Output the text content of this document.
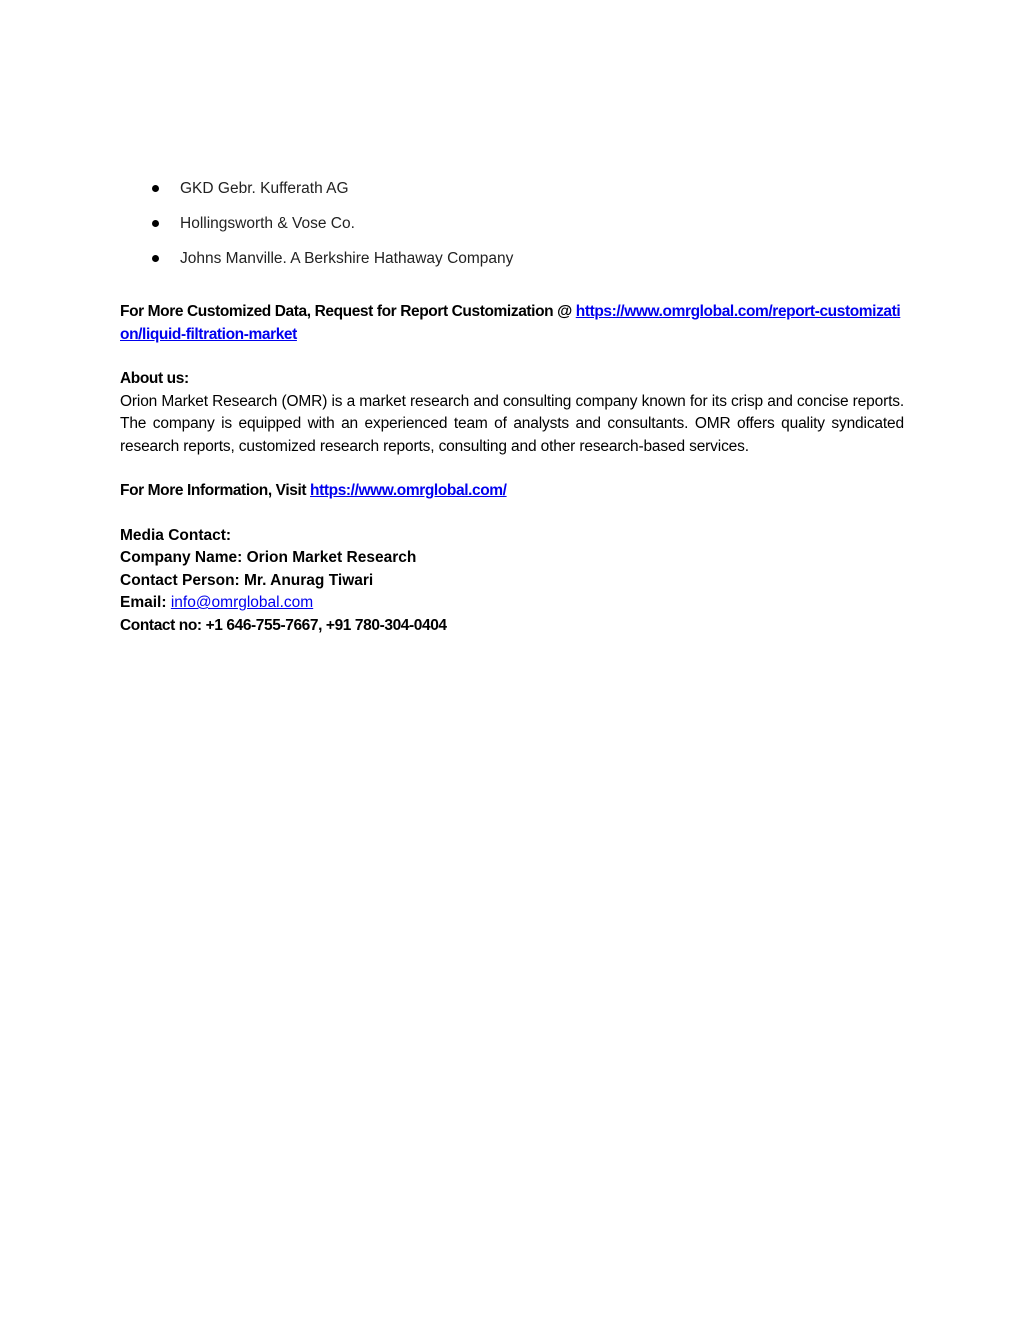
GKD Gebr. Kufferath AG
Hollingsworth & Vose Co.
Johns Manville. A Berkshire Hathaway Company

For More Customized Data, Request for Report Customization @ https://www.omrglobal.com/report-customization/liquid-filtration-market

About us:
Orion Market Research (OMR) is a market research and consulting company known for its crisp and concise reports. The company is equipped with an experienced team of analysts and consultants. OMR offers quality syndicated research reports, customized research reports, consulting and other research-based services.

For More Information, Visit https://www.omrglobal.com/

Media Contact:
Company Name: Orion Market Research
Contact Person: Mr. Anurag Tiwari
Email: info@omrglobal.com
Contact no: +1 646-755-7667, +91 780-304-0404
